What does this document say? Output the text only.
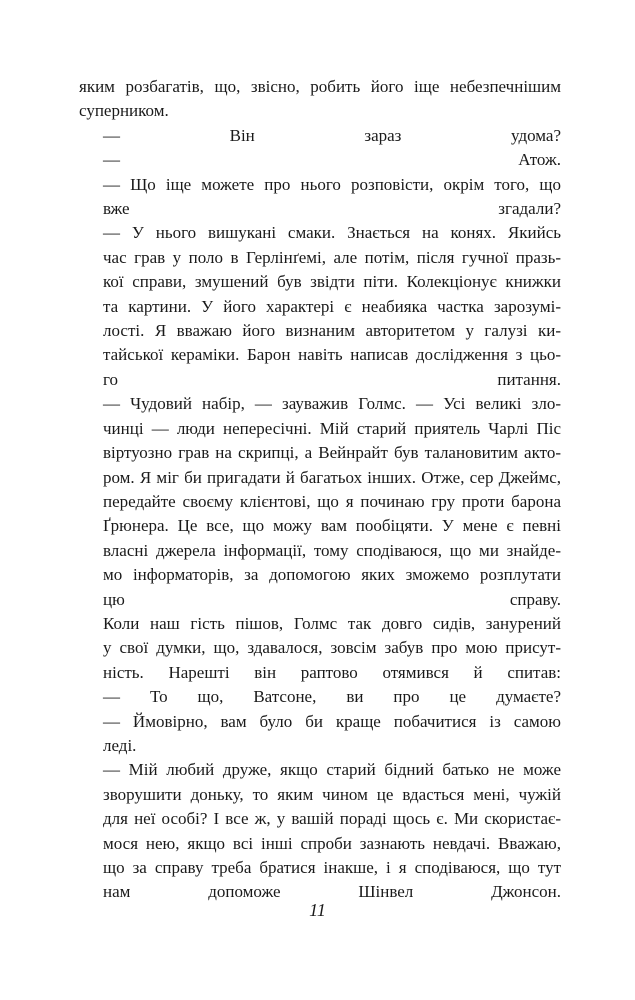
яким розбагатів, що, звісно, робить його іще небезпечнішим
суперником.

— Він зараз удома?

— Атож.

— Що іще можете про нього розповісти, окрім того, що
вже згадали?

— У нього вишукані смаки. Знається на конях. Якийсь
час грав у поло в Герлінґемі, але потім, після гучної празь-
кої справи, змушений був звідти піти. Колекціонує книжки
та картини. У його характері є неабияка частка зарозумі-
лості. Я вважаю його визнаним авторитетом у галузі ки-
тайської кераміки. Барон навіть написав дослідження з цьо-
го питання.

— Чудовий набір, — зауважив Голмс. — Усі великі зло-
чинці — люди непересічні. Мій старий приятель Чарлі Піс
віртуозно грав на скрипці, а Вейнрайт був талановитим акто-
ром. Я міг би пригадати й багатьох інших. Отже, сер Джеймс,
передайте своєму клієнтові, що я починаю гру проти барона
Ґрюнера. Це все, що можу вам пообіцяти. У мене є певні
власні джерела інформації, тому сподіваюся, що ми знайде-
мо інформаторів, за допомогою яких зможемо розплутати
цю справу.

Коли наш гість пішов, Голмс так довго сидів, занурений
у свої думки, що, здавалося, зовсім забув про мою присут-
ність. Нарешті він раптово отямився й спитав:

— То що, Ватсоне, ви про це думаєте?

— Ймовірно, вам було би краще побачитися із самою
леді.

— Мій любий друже, якщо старий бідний батько не може
зворушити доньку, то яким чином це вдасться мені, чужій
для неї особі? І все ж, у вашій пораді щось є. Ми скористає-
мося нею, якщо всі інші спроби зазнають невдачі. Вважаю,
що за справу треба братися інакше, і я сподіваюся, що тут
нам допоможе Шінвел Джонсон.

11
